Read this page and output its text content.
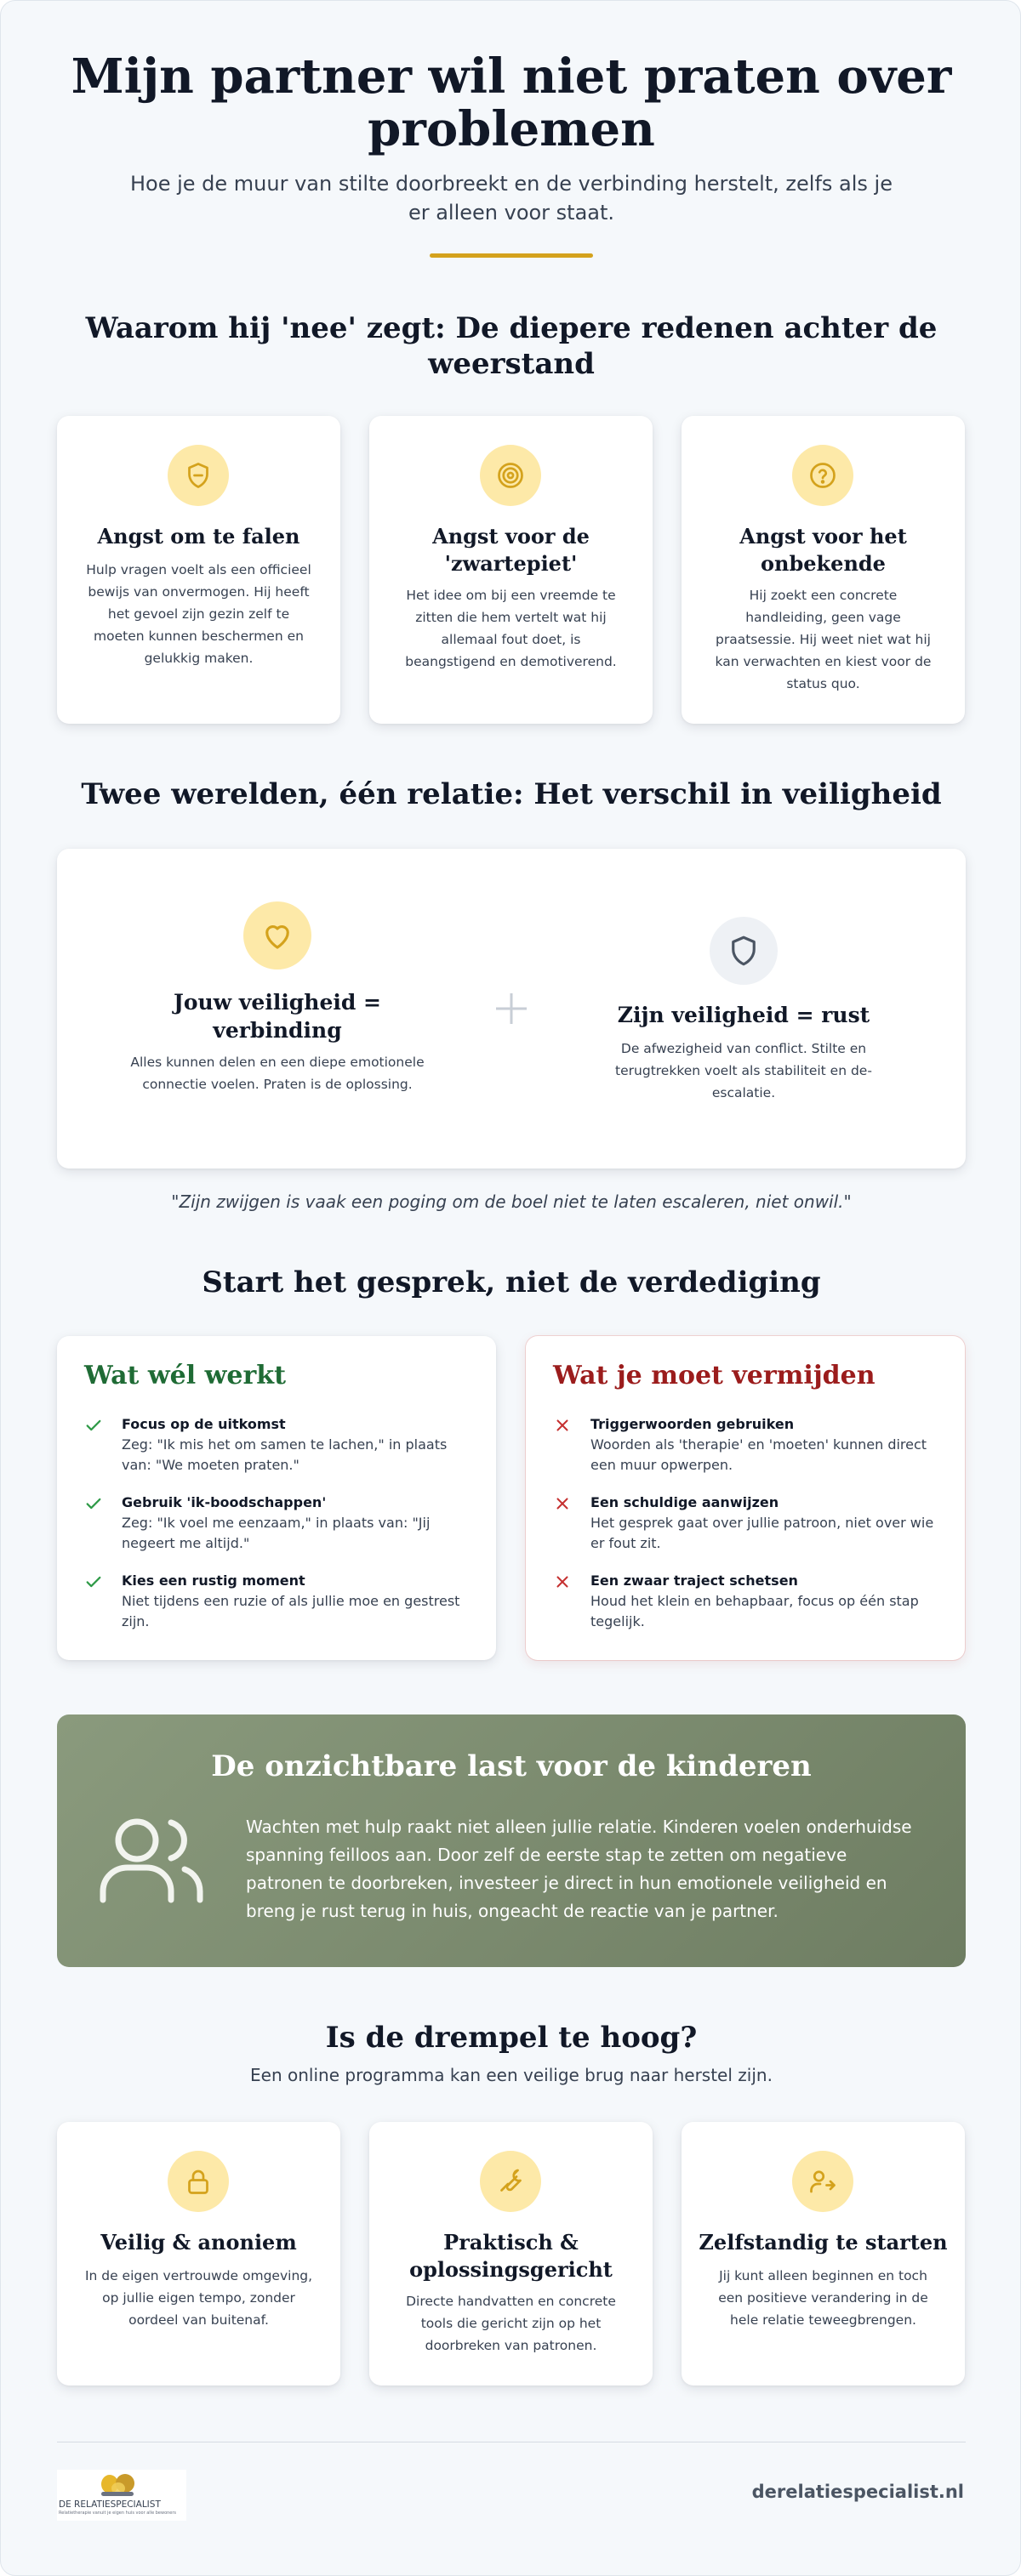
Mijn partner wil niet praten over problemen

Hoe je de muur van stilte doorbreekt en de verbinding herstelt, zelfs als je er alleen voor staat.

Waarom hij 'nee' zegt: De diepere redenen achter de weerstand
Angst om te falen
Hulp vragen voelt als een officieel bewijs van onvermogen. Hij heeft het gevoel zijn gezin zelf te moeten kunnen beschermen en gelukkig maken.
Angst voor de 'zwartepiet'
Het idee om bij een vreemde te zitten die hem vertelt wat hij allemaal fout doet, is beangstigend en demotiverend.
Angst voor het onbekende
Hij zoekt een concrete handleiding, geen vage praatsessie. Hij weet niet wat hij kan verwachten en kiest voor de status quo.
Twee werelden, één relatie: Het verschil in veiligheid
Jouw veiligheid = verbinding
Alles kunnen delen en een diepe emotionele connectie voelen. Praten is de oplossing.
Zijn veiligheid = rust
De afwezigheid van conflict. Stilte en terugtrekken voelt als stabiliteit en de-escalatie.

"Zijn zwijgen is vaak een poging om de boel niet te laten escaleren, niet onwil."

Start het gesprek, niet de verdediging
Wat wél werkt
Focus op de uitkomst
Zeg: "Ik mis het om samen te lachen," in plaats van: "We moeten praten."
Gebruik 'ik-boodschappen'
Zeg: "Ik voel me eenzaam," in plaats van: "Jij negeert me altijd."
Kies een rustig moment
Niet tijdens een ruzie of als jullie moe en gestrest zijn.
Wat je moet vermijden
Triggerwoorden gebruiken
Woorden als 'therapie' en 'moeten' kunnen direct een muur opwerpen.
Een schuldige aanwijzen
Het gesprek gaat over jullie patroon, niet over wie er fout zit.
Een zwaar traject schetsen
Houd het klein en behapbaar, focus op één stap tegelijk.
De onzichtbare last voor de kinderen

Wachten met hulp raakt niet alleen jullie relatie. Kinderen voelen onderhuidse spanning feilloos aan. Door zelf de eerste stap te zetten om negatieve patronen te doorbreken, investeer je direct in hun emotionele veiligheid en breng je rust terug in huis, ongeacht de reactie van je partner.

Is de drempel te hoog?

Een online programma kan een veilige brug naar herstel zijn.

Veilig & anoniem
In de eigen vertrouwde omgeving, op jullie eigen tempo, zonder oordeel van buitenaf.
Praktisch & oplossingsgericht
Directe handvatten en concrete tools die gericht zijn op het doorbreken van patronen.
Zelfstandig te starten
Jij kunt alleen beginnen en toch een positieve verandering in de hele relatie teweegbrengen.
DE RELATIESPECIALIST
Relatietherapie vanuit je eigen huis voor alle bewoners
derelatiespecialist.nl
